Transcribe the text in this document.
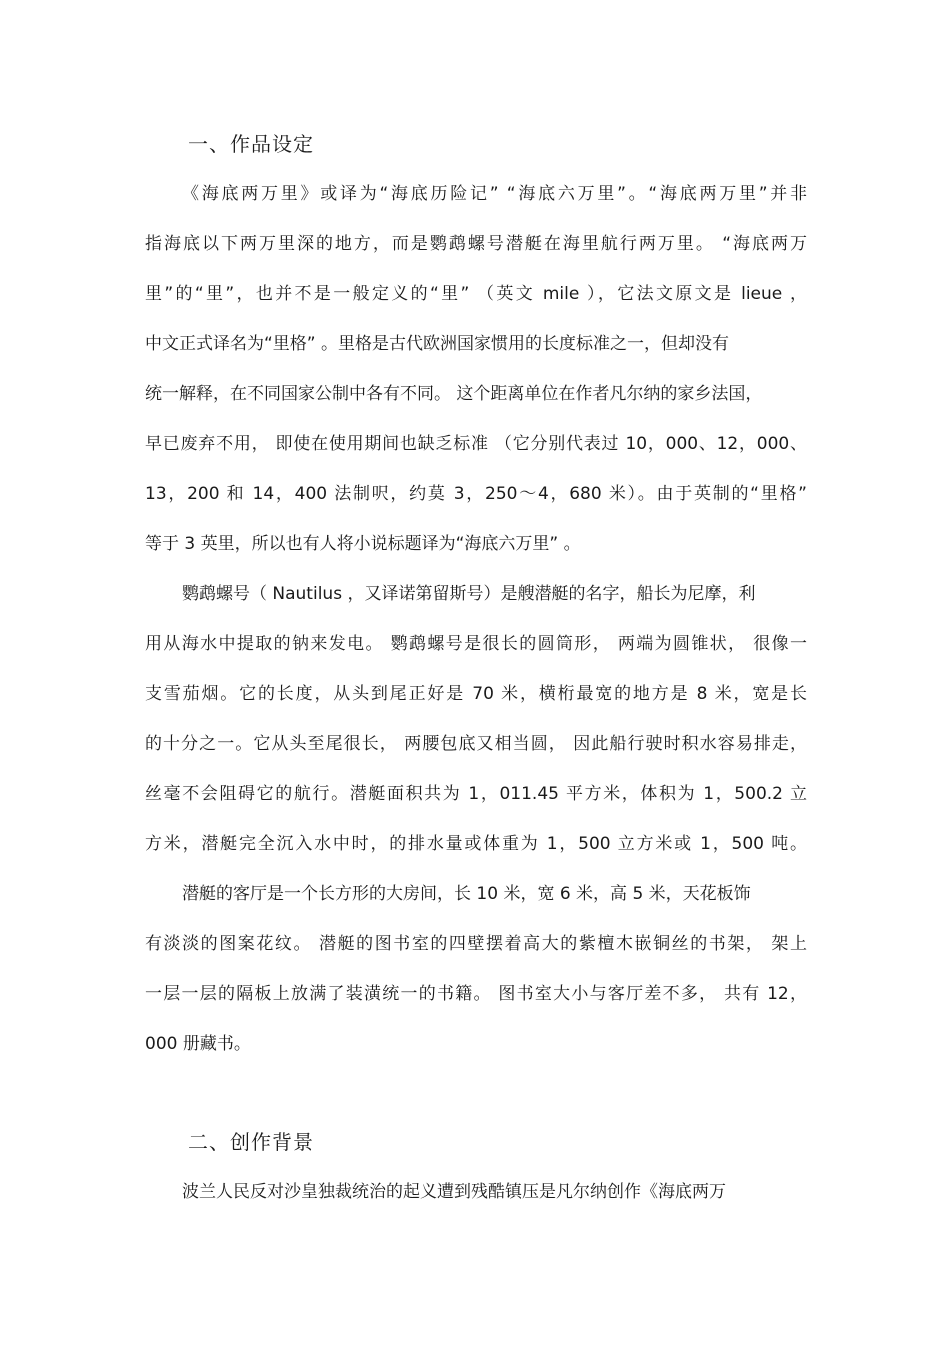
一、作品设定
《海底两万里》或译为“海底历险记” “海底六万里”。“海底两万里”并非
指海底以下两万里深的地方，而是鹦鹉螺号潜艇在海里航行两万里。 “海底两万
里”的“里”，也并不是一般定义的“里” （英文 mile ），它法文原文是 lieue ，
中文正式译名为“里格” 。里格是古代欧洲国家惯用的长度标准之一，但却没有
统一解释，在不同国家公制中各有不同。 这个距离单位在作者凡尔纳的家乡法国，
早已废弃不用， 即使在使用期间也缺乏标准 （它分别代表过 10，000、12，000、
13，200 和 14，400 法制呎，约莫 3，250～4，680 米）。由于英制的“里格”
等于 3 英里，所以也有人将小说标题译为“海底六万里” 。
鹦鹉螺号（ Nautilus ，又译诺第留斯号）是艘潜艇的名字，船长为尼摩，利
用从海水中提取的钠来发电。 鹦鹉螺号是很长的圆筒形， 两端为圆锥状， 很像一
支雪茄烟。它的长度，从头到尾正好是 70 米，横桁最宽的地方是 8 米，宽是长
的十分之一。它从头至尾很长， 两腰包底又相当圆， 因此船行驶时积水容易排走，
丝毫不会阻碍它的航行。潜艇面积共为 1，011.45 平方米，体积为 1，500.2 立
方米，潜艇完全沉入水中时，的排水量或体重为 1，500 立方米或 1，500 吨。
潜艇的客厅是一个长方形的大房间，长 10 米，宽 6 米，高 5 米，天花板饰
有淡淡的图案花纹。 潜艇的图书室的四壁摆着高大的紫檀木嵌铜丝的书架， 架上
一层一层的隔板上放满了装潢统一的书籍。 图书室大小与客厅差不多， 共有 12，
000 册藏书。
二、创作背景
波兰人民反对沙皇独裁统治的起义遭到残酷镇压是凡尔纳创作《海底两万
